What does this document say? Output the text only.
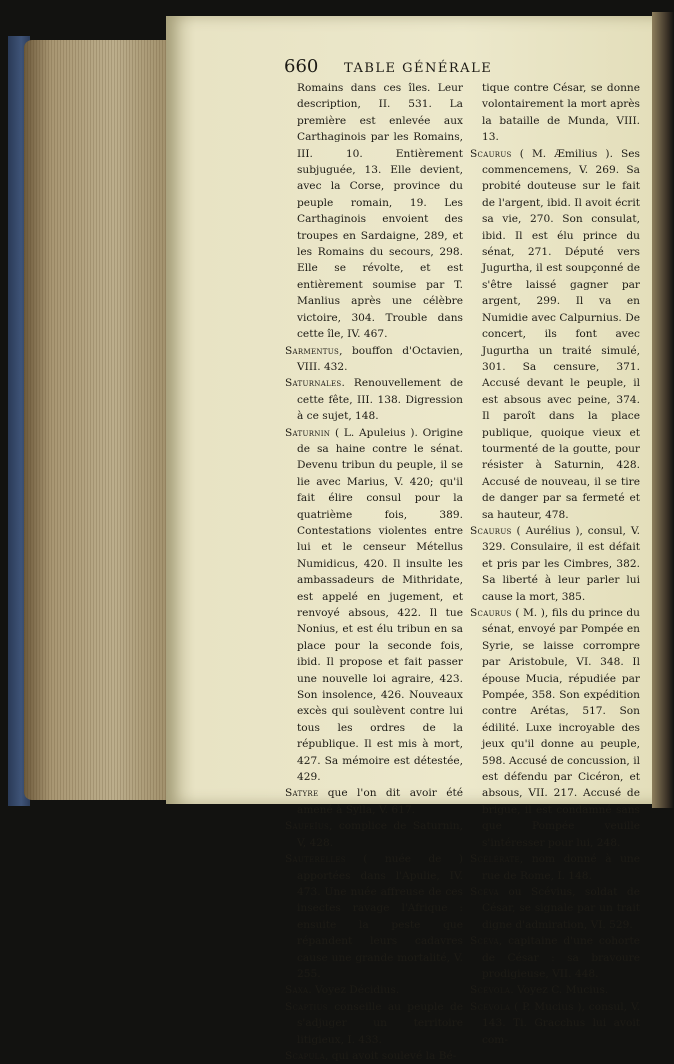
660 TABLE GÉNÉRALE

Romains dans ces îles. Leur description, II. 531. La première est enlevée aux Carthaginois par les Romains, III. 10. Entièrement subjuguée, 13. Elle devient, avec la Corse, province du peuple romain, 19. Les Carthaginois envoient des troupes en Sardaigne, 289, et les Romains du secours, 298. Elle se révolte, et est entièrement soumise par T. Manlius après une célèbre victoire, 304. Trouble dans cette île, IV. 467.

Sarmentus, bouffon d'Octavien, VIII. 432.

Saturnales. Renouvellement de cette fête, III. 138. Digression à ce sujet, 148.

Saturnin ( L. Apuleius ). Origine de sa haine contre le sénat. Devenu tribun du peuple, il se lie avec Marius, V. 420; qu'il fait élire consul pour la quatrième fois, 389. Contestations violentes entre lui et le censeur Métellus Numidicus, 420. Il insulte les ambassadeurs de Mithridate, est appelé en jugement, et renvoyé absous, 422. Il tue Nonius, et est élu tribun en sa place pour la seconde fois, ibid. Il propose et fait passer une nouvelle loi agraire, 423. Son insolence, 426. Nouveaux excès qui soulèvent contre lui tous les ordres de la république. Il est mis à mort, 427. Sa mémoire est détestée, 429.

Satyre que l'on dit avoir été amené à Sylla, V. 617.

Saufeïus, complice de Saturnin, V, 428.

Sauterelles ( nuée de ) apportées dans l'Apulie, IV. 473. Une nuée affreuse de ces insectes ravage l'Afrique : ensuite la peste que répandent leurs cadavres cause une grande mortalité, V. 255.

Saxa. Voyez Décidius.

Scaptius conseille au peuple de s'adjuger un territoire litigieux, I. 433.

Scapula, qui avoit soulevé la Bé-

tique contre César, se donne volontairement la mort après la bataille de Munda, VIII. 13.

Scaurus ( M. Æmilius ). Ses commencemens, V. 269. Sa probité douteuse sur le fait de l'argent, ibid. Il avoit écrit sa vie, 270. Son consulat, ibid. Il est élu prince du sénat, 271. Député vers Jugurtha, il est soupçonné de s'être laissé gagner par argent, 299. Il va en Numidie avec Calpurnius. De concert, ils font avec Jugurtha un traité simulé, 301. Sa censure, 371. Accusé devant le peuple, il est absous avec peine, 374. Il paroît dans la place publique, quoique vieux et tourmenté de la goutte, pour résister à Saturnin, 428. Accusé de nouveau, il se tire de danger par sa fermeté et sa hauteur, 478.

Scaurus ( Aurélius ), consul, V. 329. Consulaire, il est défait et pris par les Cimbres, 382. Sa liberté à leur parler lui cause la mort, 385.

Scaurus ( M. ), fils du prince du sénat, envoyé par Pompée en Syrie, se laisse corrompre par Aristobule, VI. 348. Il épouse Mucia, répudiée par Pompée, 358. Son expédition contre Arétas, 517. Son édilité. Luxe incroyable des jeux qu'il donne au peuple, 598. Accusé de concussion, il est défendu par Cicéron, et absous, VII. 217. Accusé de brigue, il est condamné sans que Pompée veuille s'intéresser pour lui, 248.

Scélérate, nom donné à une rue de Rome, I. 148.

Scéva ou Scévius, soldat de César, se signale par un trait digne d'admiration, VI. 529.

Scéva, capitaine d'une cohorte de César : sa bravoure prodigieuse, VII. 448.

Scévola. Voyez C. Mucius.

Scévola ( P. Mucius ), consul, V. 143. Ti. Gracchus lui avoit com-
